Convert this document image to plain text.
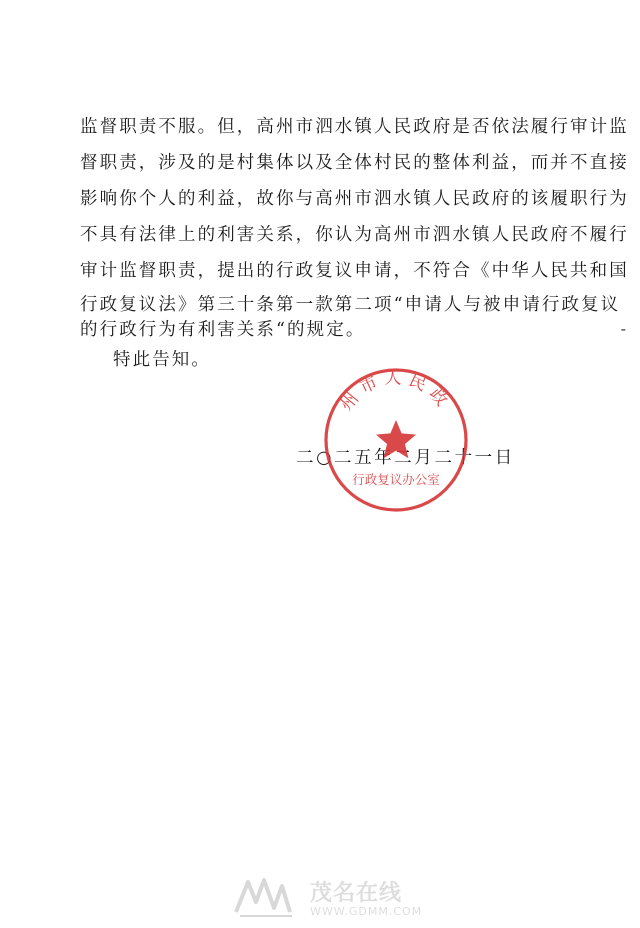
监督职责不服。但，高州市泗水镇人民政府是否依法履行审计监
督职责，涉及的是村集体以及全体村民的整体利益，而并不直接
影响你个人的利益，故你与高州市泗水镇人民政府的该履职行为
不具有法律上的利害关系，你认为高州市泗水镇人民政府不履行
审计监督职责，提出的行政复议申请，不符合《中华人民共和国
行政复议法》第三十条第一款第二项“申请人与被申请行政复议
的行政行为有利害关系“的规定。
特此告知。
二○二五年二月二十一日
州市人民政
行政复议办公室
-
茂名在线
WWW.GDMM.COM
